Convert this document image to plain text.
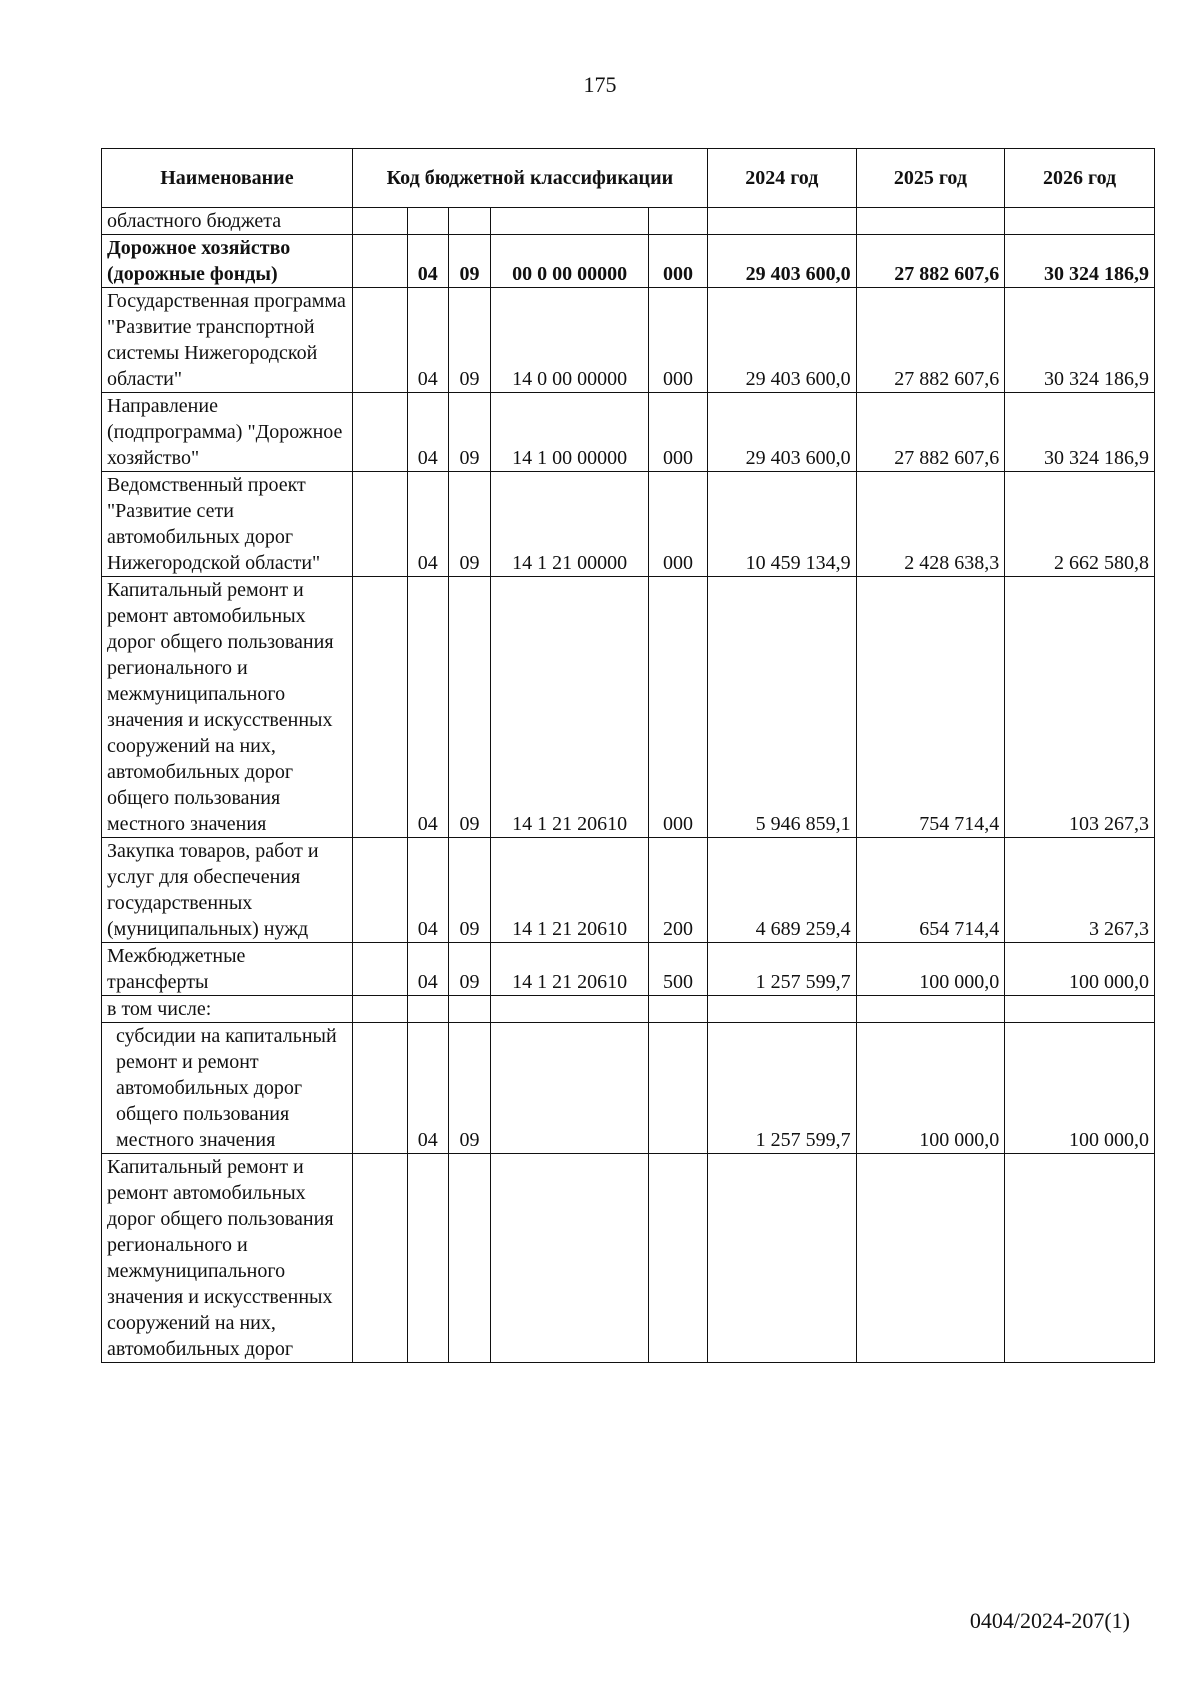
175
Наименование	Код бюджетной классификации					2024 год	2025 год	2026 год
областного бюджета								
Дорожное хозяйство (дорожные фонды)		04	09	00 0 00 00000	000	29 403 600,0	27 882 607,6	30 324 186,9
Государственная программа "Развитие транспортной системы Нижегородской области"		04	09	14 0 00 00000	000	29 403 600,0	27 882 607,6	30 324 186,9
Направление (подпрограмма) "Дорожное хозяйство"		04	09	14 1 00 00000	000	29 403 600,0	27 882 607,6	30 324 186,9
Ведомственный проект "Развитие сети автомобильных дорог Нижегородской области"		04	09	14 1 21 00000	000	10 459 134,9	2 428 638,3	2 662 580,8
Капитальный ремонт и ремонт автомобильных дорог общего пользования регионального и межмуниципального значения и искусственных сооружений на них, автомобильных дорог общего пользования местного значения		04	09	14 1 21 20610	000	5 946 859,1	754 714,4	103 267,3
Закупка товаров, работ и услуг для обеспечения государственных (муниципальных) нужд		04	09	14 1 21 20610	200	4 689 259,4	654 714,4	3 267,3
Межбюджетные трансферты		04	09	14 1 21 20610	500	1 257 599,7	100 000,0	100 000,0
в том числе:								
субсидии на капитальный ремонт и ремонт автомобильных дорог общего пользования местного значения		04	09			1 257 599,7	100 000,0	100 000,0
Капитальный ремонт и ремонт автомобильных дорог общего пользования регионального и межмуниципального значения и искусственных сооружений на них, автомобильных дорог								
0404/2024-207(1)
